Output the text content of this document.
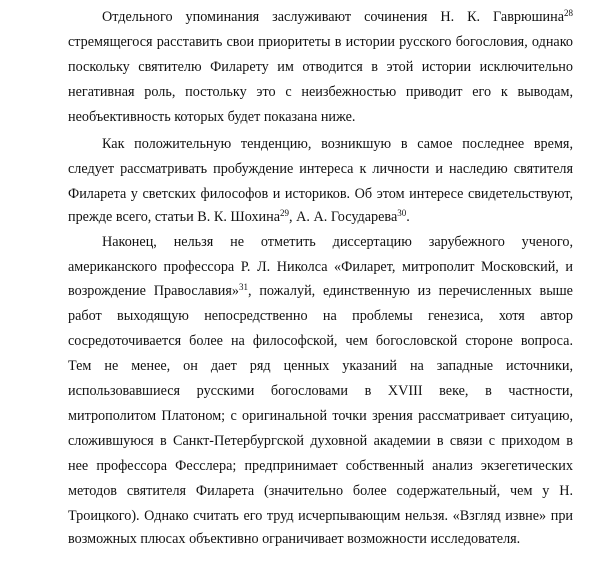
Отдельного упоминания заслуживают сочинения Н. К. Гаврюшина$^{28}$
стремящегося расставить свои приоритеты в истории русского богословия, однако
поскольку святителю Филарету им отводится в этой истории исключительно
негативная роль, постольку это с неизбежностью приводит его к выводам,
необъективность которых будет показана ниже.
Как положительную тенденцию, возникшую в самое последнее время,
следует рассматривать пробуждение интереса к личности и наследию святителя
Филарета у светских философов и историков. Об этом интересе свидетельствуют,
прежде всего, статьи В. К. Шохина$^{29}$, А. А. Государева$^{30}$.
Наконец, нельзя не отметить диссертацию зарубежного ученого,
американского профессора Р. Л. Николса «Филарет, митрополит Московский, и
возрождение Православия»$^{31}$, пожалуй, единственную из перечисленных выше
работ выходящую непосредственно на проблемы генезиса, хотя автор
сосредоточивается более на философской, чем богословской стороне вопроса.
Тем не менее, он дает ряд ценных указаний на западные источники,
использовавшиеся русскими богословами в XVIII веке, в частности,
митрополитом Платоном; с оригинальной точки зрения рассматривает ситуацию,
сложившуюся в Санкт-Петербургской духовной академии в связи с приходом в
нее профессора Фесслера; предпринимает собственный анализ экзегетических
методов святителя Филарета (значительно более содержательный, чем у Н.
Троицкого). Однако считать его труд исчерпывающим нельзя. «Взгляд извне» при
возможных плюсах объективно ограничивает возможности исследователя.
